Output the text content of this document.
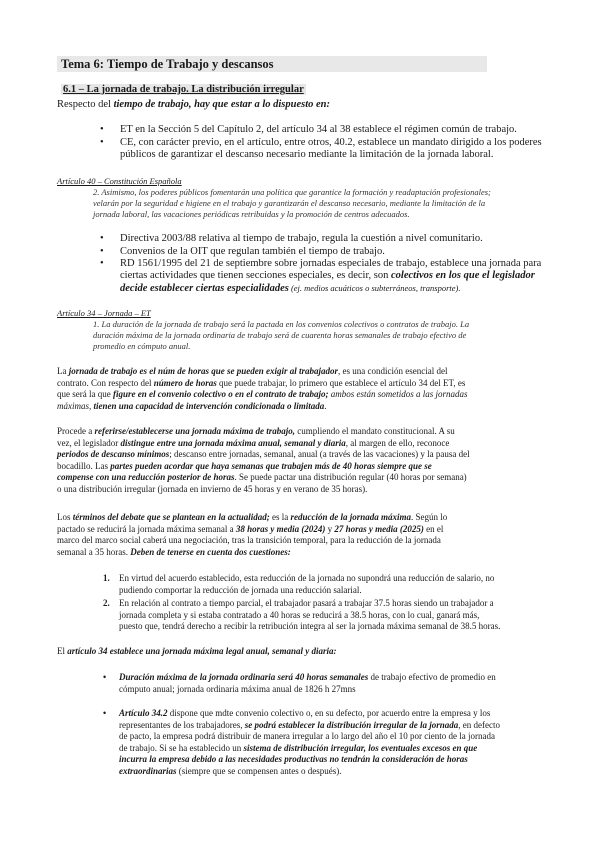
Tema 6: Tiempo de Trabajo y descansos
6.1 – La jornada de trabajo. La distribución irregular
Respecto del tiempo de trabajo, hay que estar a lo dispuesto en:
• ET en la Sección 5 del Capítulo 2, del artículo 34 al 38 establece el régimen común de trabajo.
• CE, con carácter previo, en el artículo, entre otros, 40.2, establece un mandato dirigido a los poderes
públicos de garantizar el descanso necesario mediante la limitación de la jornada laboral.
Artículo 40 – Constitución Española
2. Asimismo, los poderes públicos fomentarán una política que garantice la formación y readaptación profesionales;
velarán por la seguridad e higiene en el trabajo y garantizarán el descanso necesario, mediante la limitación de la
jornada laboral, las vacaciones periódicas retribuidas y la promoción de centros adecuados.
• Directiva 2003/88 relativa al tiempo de trabajo, regula la cuestión a nivel comunitario.
• Convenios de la OIT que regulan también el tiempo de trabajo.
• RD 1561/1995 del 21 de septiembre sobre jornadas especiales de trabajo, establece una jornada para
ciertas actividades que tienen secciones especiales, es decir, son colectivos en los que el legislador
decide establecer ciertas especialidades (ej. medios acuáticos o subterráneos, transporte).
Artículo 34 – Jornada – ET
1. La duración de la jornada de trabajo será la pactada en los convenios colectivos o contratos de trabajo. La
duración máxima de la jornada ordinaria de trabajo será de cuarenta horas semanales de trabajo efectivo de
promedio en cómputo anual.
La jornada de trabajo es el núm de horas que se pueden exigir al trabajador, es una condición esencial del
contrato. Con respecto del número de horas que puede trabajar, lo primero que establece el artículo 34 del ET, es
que será la que figure en el convenio colectivo o en el contrato de trabajo; ambos están sometidos a las jornadas
máximas, tienen una capacidad de intervención condicionada o limitada.
Procede a referirse/establecerse una jornada máxima de trabajo, cumpliendo el mandato constitucional. A su
vez, el legislador distingue entre una jornada máxima anual, semanal y diaria, al margen de ello, reconoce
periodos de descanso mínimos; descanso entre jornadas, semanal, anual (a través de las vacaciones) y la pausa del
bocadillo. Las partes pueden acordar que haya semanas que trabajen más de 40 horas siempre que se
compense con una reducción posterior de horas. Se puede pactar una distribución regular (40 horas por semana)
o una distribución irregular (jornada en invierno de 45 horas y en verano de 35 horas).
Los términos del debate que se plantean en la actualidad; es la reducción de la jornada máxima. Según lo
pactado se reducirá la jornada máxima semanal a 38 horas y media (2024) y 27 horas y media (2025) en el
marco del marco social caberá una negociación, tras la transición temporal, para la reducción de la jornada
semanal a 35 horas. Deben de tenerse en cuenta dos cuestiones:
1. En virtud del acuerdo establecido, esta reducción de la jornada no supondrá una reducción de salario, no
pudiendo comportar la reducción de jornada una reducción salarial.
2. En relación al contrato a tiempo parcial, el trabajador pasará a trabajar 37.5 horas siendo un trabajador a
jornada completa y si estaba contratado a 40 horas se reducirá a 38.5 horas, con lo cual, ganará más,
puesto que, tendrá derecho a recibir la retribución integra al ser la jornada máxima semanal de 38.5 horas.
El artículo 34 establece una jornada máxima legal anual, semanal y diaria:
• Duración máxima de la jornada ordinaria será 40 horas semanales de trabajo efectivo de promedio en
cómputo anual; jornada ordinaria máxima anual de 1826 h 27mns
• Artículo 34.2 dispone que mdte convenio colectivo o, en su defecto, por acuerdo entre la empresa y los
representantes de los trabajadores, se podrá establecer la distribución irregular de la jornada, en defecto
de pacto, la empresa podrá distribuir de manera irregular a lo largo del año el 10 por ciento de la jornada
de trabajo. Si se ha establecido un sistema de distribución irregular, los eventuales excesos en que
incurra la empresa debido a las necesidades productivas no tendrán la consideración de horas
extraordinarias (siempre que se compensen antes o después).
